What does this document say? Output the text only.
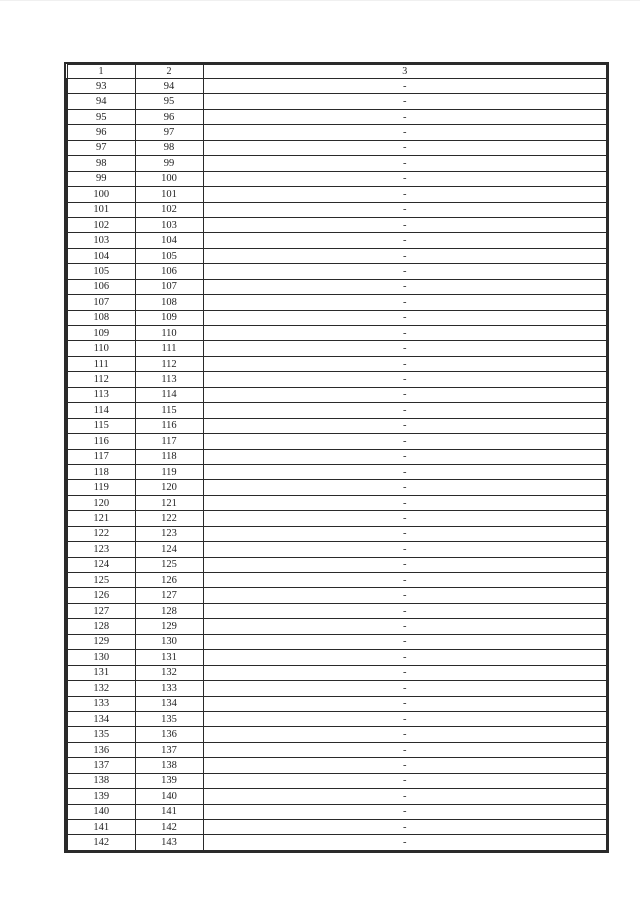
1	2	3
93	94	-
94	95	-
95	96	-
96	97	-
97	98	-
98	99	-
99	100	-
100	101	-
101	102	-
102	103	-
103	104	-
104	105	-
105	106	-
106	107	-
107	108	-
108	109	-
109	110	-
110	111	-
111	112	-
112	113	-
113	114	-
114	115	-
115	116	-
116	117	-
117	118	-
118	119	-
119	120	-
120	121	-
121	122	-
122	123	-
123	124	-
124	125	-
125	126	-
126	127	-
127	128	-
128	129	-
129	130	-
130	131	-
131	132	-
132	133	-
133	134	-
134	135	-
135	136	-
136	137	-
137	138	-
138	139	-
139	140	-
140	141	-
141	142	-
142	143	-
